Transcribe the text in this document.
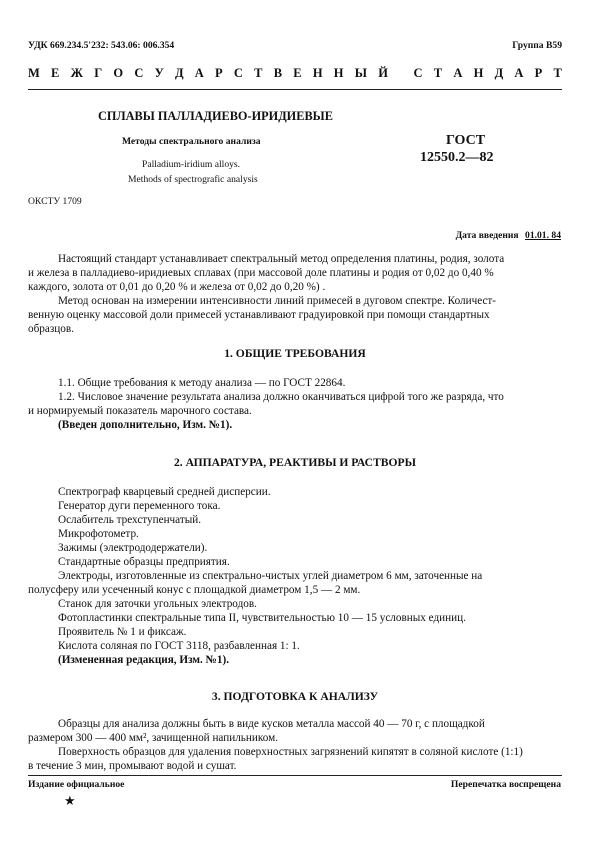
УДК 669.234.5'232: 543.06: 006.354	Группа В59
М Е Ж Г О С У Д А Р С Т В Е Н Н Ы Й
С Т А Н Д А Р Т
СПЛАВЫ ПАЛЛАДИЕВО-ИРИДИЕВЫЕ
Методы спектрального анализа
Palladium-iridium alloys.
Methods of spectrografic analysis
ГОСТ
12550.2—82
ОКСТУ 1709
Дата введения 01.01. 84
Настоящий стандарт устанавливает спектральный метод определения платины, родия, золота
и железа в палладиево-иридиевых сплавах (при массовой доле платины и родия от 0,02 до 0,40 %
каждого, золота от 0,01 до 0,20 % и железа от 0,02 до 0,20 %) .
Метод основан на измерении интенсивности линий примесей в дуговом спектре. Количест-
венную оценку массовой доли примесей устанавливают градуировкой при помощи стандартных
образцов.
1. ОБЩИЕ ТРЕБОВАНИЯ
1.1. Общие требования к методу анализа — по ГОСТ 22864.
1.2. Числовое значение результата анализа должно оканчиваться цифрой того же разряда, что
и нормируемый показатель марочного состава.
(Введен дополнительно, Изм. №1).
2. АППАРАТУРА, РЕАКТИВЫ И РАСТВОРЫ
Спектрограф кварцевый средней дисперсии.
Генератор дуги переменного тока.
Ослабитель трехступенчатый.
Микрофотометр.
Зажимы (электрододержатели).
Стандартные образцы предприятия.
Электроды, изготовленные из спектрально-чистых углей диаметром 6 мм, заточенные на
полусферу или усеченный конус с площадкой диаметром 1,5 — 2 мм.
Станок для заточки угольных электродов.
Фотопластинки спектральные типа II, чувствительностью 10 — 15 условных единиц.
Проявитель № 1 и фиксаж.
Кислота соляная по ГОСТ 3118, разбавленная 1: 1.
(Измененная редакция, Изм. №1).
3. ПОДГОТОВКА К АНАЛИЗУ
Образцы для анализа должны быть в виде кусков металла массой 40 — 70 г, с площадкой
размером 300 — 400 мм², зачищенной напильником.
Поверхность образцов для удаления поверхностных загрязнений кипятят в соляной кислоте (1:1)
в течение 3 мин, промывают водой и сушат.
Издание официальное
★
Перепечатка воспрещена
